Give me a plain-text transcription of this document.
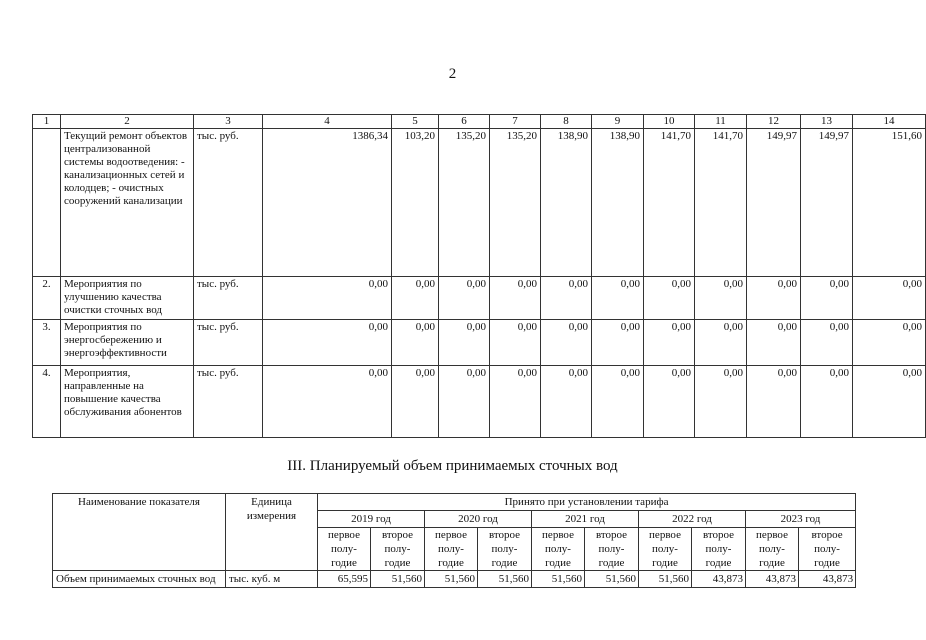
2
1	2	3	4	5	6	7	8	9	10	11	12	13	14
	Текущий ремонт объектов централизованной системы водоотведения: - канализационных сетей и колодцев; - очистных сооружений канализации	тыс. руб.	1386,34	103,20	135,20	135,20	138,90	138,90	141,70	141,70	149,97	149,97	151,60
2.	Мероприятия по улучшению качества очистки сточных вод	тыс. руб.	0,00	0,00	0,00	0,00	0,00	0,00	0,00	0,00	0,00	0,00	0,00
3.	Мероприятия по энергосбережению и энергоэффективности	тыс. руб.	0,00	0,00	0,00	0,00	0,00	0,00	0,00	0,00	0,00	0,00	0,00
4.	Мероприятия, направленные на повышение качества обслуживания абонентов	тыс. руб.	0,00	0,00	0,00	0,00	0,00	0,00	0,00	0,00	0,00	0,00	0,00
III. Планируемый объем принимаемых сточных вод
Наименование показателя	Единица измерения	Принято при установлении тарифа									
		2019 год		2020 год		2021 год		2022 год		2023 год	
		первое полу- годие	второе полу- годие	первое полу- годие	второе полу- годие	первое полу- годие	второе полу- годие	первое полу- годие	второе полу- годие	первое полу- годие	второе полу- годие
Объем принимаемых сточных вод	тыс. куб. м	65,595	51,560	51,560	51,560	51,560	51,560	51,560	43,873	43,873	43,873
